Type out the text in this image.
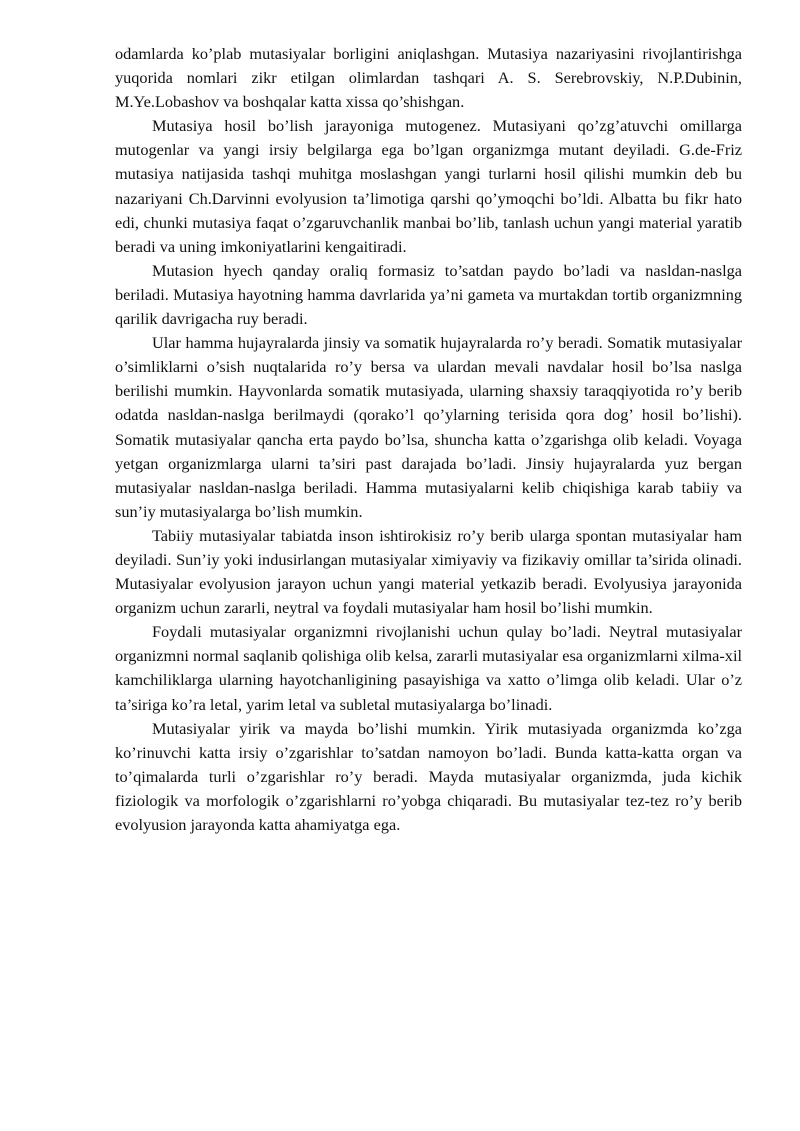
odamlarda ko’plab mutasiyalar borligini aniqlashgan. Mutasiya nazariyasini rivojlantirishga yuqorida nomlari zikr etilgan olimlardan tashqari A. S. Serebrovskiy, N.P.Dubinin, M.Ye.Lobashov va boshqalar katta xissa qo’shishgan.

Mutasiya hosil bo’lish jarayoniga mutogenez. Mutasiyani qo’zg’atuvchi omillarga mutogenlar va yangi irsiy belgilarga ega bo’lgan organizmga mutant deyiladi. G.de-Friz mutasiya natijasida tashqi muhitga moslashgan yangi turlarni hosil qilishi mumkin deb bu nazariyani Ch.Darvinni evolyusion ta’limotiga qarshi qo’ymoqchi bo’ldi. Albatta bu fikr hato edi, chunki mutasiya faqat o’zgaruvchanlik manbai bo’lib, tanlash uchun yangi material yaratib beradi va uning imkoniyatlarini kengaitiradi.

Mutasion hyech qanday oraliq formasiz to’satdan paydo bo’ladi va nasldan-naslga beriladi. Mutasiya hayotning hamma davrlarida ya’ni gameta va murtakdan tortib organizmning qarilik davrigacha ruy beradi.

Ular hamma hujayralarda jinsiy va somatik hujayralarda ro’y beradi. Somatik mutasiyalar o’simliklarni o’sish nuqtalarida ro’y bersa va ulardan mevali navdalar hosil bo’lsa naslga berilishi mumkin. Hayvonlarda somatik mutasiyada, ularning shaxsiy taraqqiyotida ro’y berib odatda nasldan-naslga berilmaydi (qorako’l qo’ylarning terisida qora dog’ hosil bo’lishi). Somatik mutasiyalar qancha erta paydo bo’lsa, shuncha katta o’zgarishga olib keladi. Voyaga yetgan organizmlarga ularni ta’siri past darajada bo’ladi. Jinsiy hujayralarda yuz bergan mutasiyalar nasldan-naslga beriladi. Hamma mutasiyalarni kelib chiqishiga karab tabiiy va sun’iy mutasiyalarga bo’lish mumkin.

Tabiiy mutasiyalar tabiatda inson ishtirokisiz ro’y berib ularga spontan mutasiyalar ham deyiladi. Sun’iy yoki indusirlangan mutasiyalar ximiyaviy va fizikaviy omillar ta’sirida olinadi. Mutasiyalar evolyusion jarayon uchun yangi material yetkazib beradi. Evolyusiya jarayonida organizm uchun zararli, neytral va foydali mutasiyalar ham hosil bo’lishi mumkin.

Foydali mutasiyalar organizmni rivojlanishi uchun qulay bo’ladi. Neytral mutasiyalar organizmni normal saqlanib qolishiga olib kelsa, zararli mutasiyalar esa organizmlarni xilma-xil kamchiliklarga ularning hayotchanligining pasayishiga va xatto o’limga olib keladi. Ular o’z ta’siriga ko’ra letal, yarim letal va subletal mutasiyalarga bo’linadi.

Mutasiyalar yirik va mayda bo’lishi mumkin. Yirik mutasiyada organizmda ko’zga ko’rinuvchi katta irsiy o’zgarishlar to’satdan namoyon bo’ladi. Bunda katta-katta organ va to’qimalarda turli o’zgarishlar ro’y beradi. Mayda mutasiyalar organizmda, juda kichik fiziologik va morfologik o’zgarishlarni ro’yobga chiqaradi. Bu mutasiyalar tez-tez ro’y berib evolyusion jarayonda katta ahamiyatga ega.
